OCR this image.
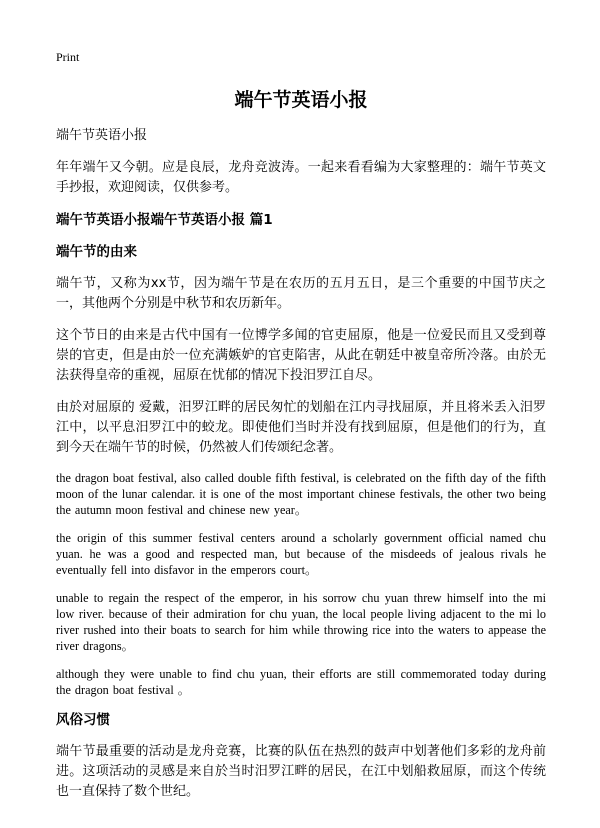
Print
端午节英语小报

端午节英语小报

年年端午又今朝。应是良辰，龙舟竞波涛。一起来看看编为大家整理的：端午节英文手抄报，欢迎阅读，仅供参考。

端午节英语小报端午节英语小报 篇1
端午节的由来

端午节，又称为xx节，因为端午节是在农历的五月五日，是三个重要的中国节庆之一，其他两个分别是中秋节和农历新年。

这个节日的由来是古代中国有一位博学多闻的官吏屈原，他是一位爱民而且又受到尊崇的官吏，但是由於一位充满嫉妒的官吏陷害，从此在朝廷中被皇帝所冷落。由於无法获得皇帝的重视，屈原在忧郁的情况下投汨罗江自尽。

由於对屈原的 爱戴，汨罗江畔的居民匆忙的划船在江内寻找屈原，并且将米丢入汨罗江中，以平息汨罗江中的蛟龙。即使他们当时并没有找到屈原，但是他们的行为，直到今天在端午节的时候，仍然被人们传颂纪念著。

the dragon boat festival, also called double fifth festival, is celebrated on the fifth day of the fifth moon of the lunar calendar. it is one of the most important chinese festivals, the other two being the autumn moon festival and chinese new year。

the origin of this summer festival centers around a scholarly government official named chu yuan. he was a good and respected man, but because of the misdeeds of jealous rivals he eventually fell into disfavor in the emperors court。

unable to regain the respect of the emperor, in his sorrow chu yuan threw himself into the mi low river. because of their admiration for chu yuan, the local people living adjacent to the mi lo river rushed into their boats to search for him while throwing rice into the waters to appease the river dragons。

although they were unable to find chu yuan, their efforts are still commemorated today during the dragon boat festival 。

风俗习惯

端午节最重要的活动是龙舟竞赛，比赛的队伍在热烈的鼓声中划著他们多彩的龙舟前进。这项活动的灵感是来自於当时汨罗江畔的居民，在江中划船救屈原，而这个传统也一直保持了数个世纪。
